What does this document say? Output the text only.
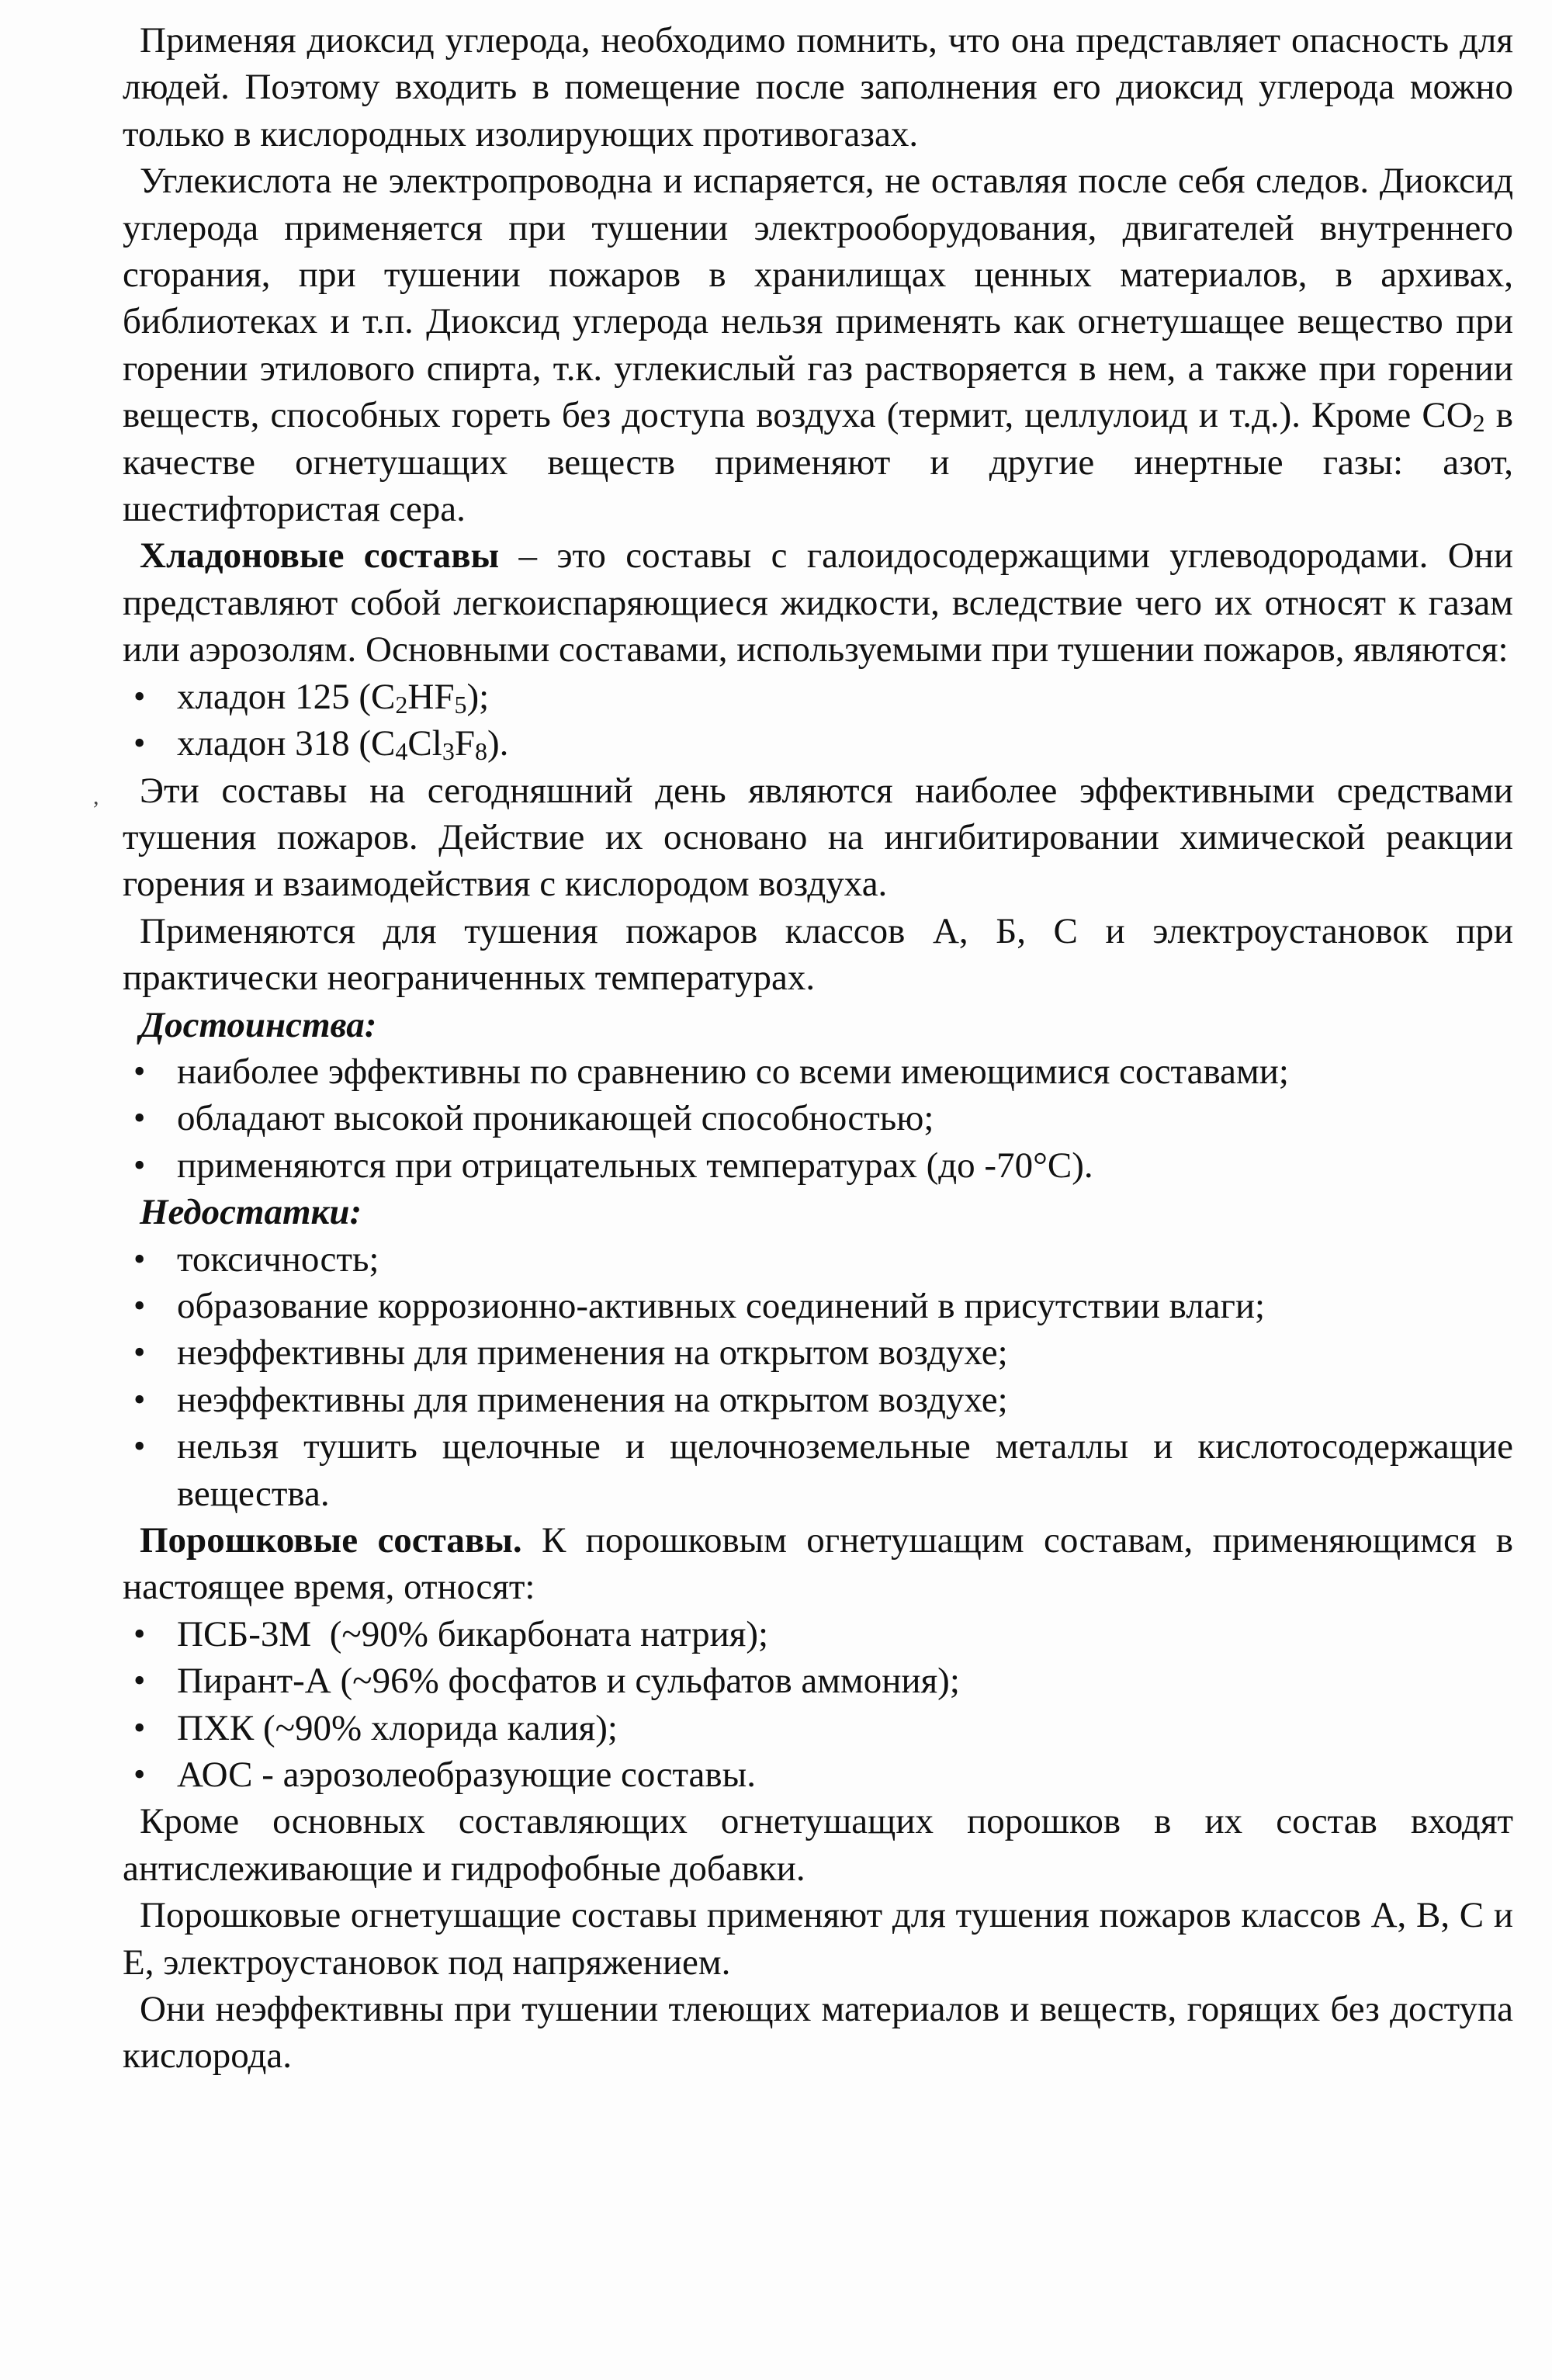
,

Применяя диоксид углерода, необходимо помнить, что она представляет опасность для людей. Поэтому входить в помещение после заполнения его диоксид углерода можно только в кислородных изолирующих противогазах.

Углекислота не электропроводна и испаряется, не оставляя после себя следов. Диоксид углерода применяется при тушении электрооборудования, двигателей внутреннего сгорания, при тушении пожаров в хранилищах ценных материалов, в архивах, библиотеках и т.п. Диоксид углерода нельзя применять как огнетушащее вещество при горении этилового спирта, т.к. углекислый газ растворяется в нем, а также при горении веществ, способных гореть без доступа воздуха (термит, целлулоид и т.д.). Кроме $CO_2$ в качестве огнетушащих веществ применяют и другие инертные газы: азот, шестифтористая сера.

Хладоновые составы – это составы с галоидосодержащими углеводородами. Они представляют собой легкоиспаряющиеся жидкости, вследствие чего их относят к газам или аэрозолям. Основными составами, используемыми при тушении пожаров, являются:

• хладон 125 $(C_2HF_5)$;
• хладон 318 $(C_4Cl_3F_8)$.

Эти составы на сегодняшний день являются наиболее эффективными средствами тушения пожаров. Действие их основано на ингибитировании химической реакции горения и взаимодействия с кислородом воздуха.

Применяются для тушения пожаров классов А, Б, С и электроустановок при практически неограниченных температурах.

Достоинства:

• наиболее эффективны по сравнению со всеми имеющимися составами;
• обладают высокой проникающей способностью;
• применяются при отрицательных температурах (до -70°С).

Недостатки:

• токсичность;
• образование коррозионно-активных соединений в присутствии влаги;
• неэффективны для применения на открытом воздухе;
• неэффективны для применения на открытом воздухе;
• нельзя тушить щелочные и щелочноземельные металлы и кислотосодержащие вещества.

Порошковые составы. К порошковым огнетушащим составам, применяющимся в настоящее время, относят:

• ПСБ-3М  (~90% бикарбоната натрия);
• Пирант-А (~96% фосфатов и сульфатов аммония);
• ПХК (~90% хлорида калия);
• АОС - аэрозолеобразующие составы.

Кроме основных составляющих огнетушащих порошков в их состав входят антислеживающие и гидрофобные добавки.

Порошковые огнетушащие составы применяют для тушения пожаров классов А, В, С и Е, электроустановок под напряжением.

Они неэффективны при тушении тлеющих материалов и веществ, горящих без доступа кислорода.
